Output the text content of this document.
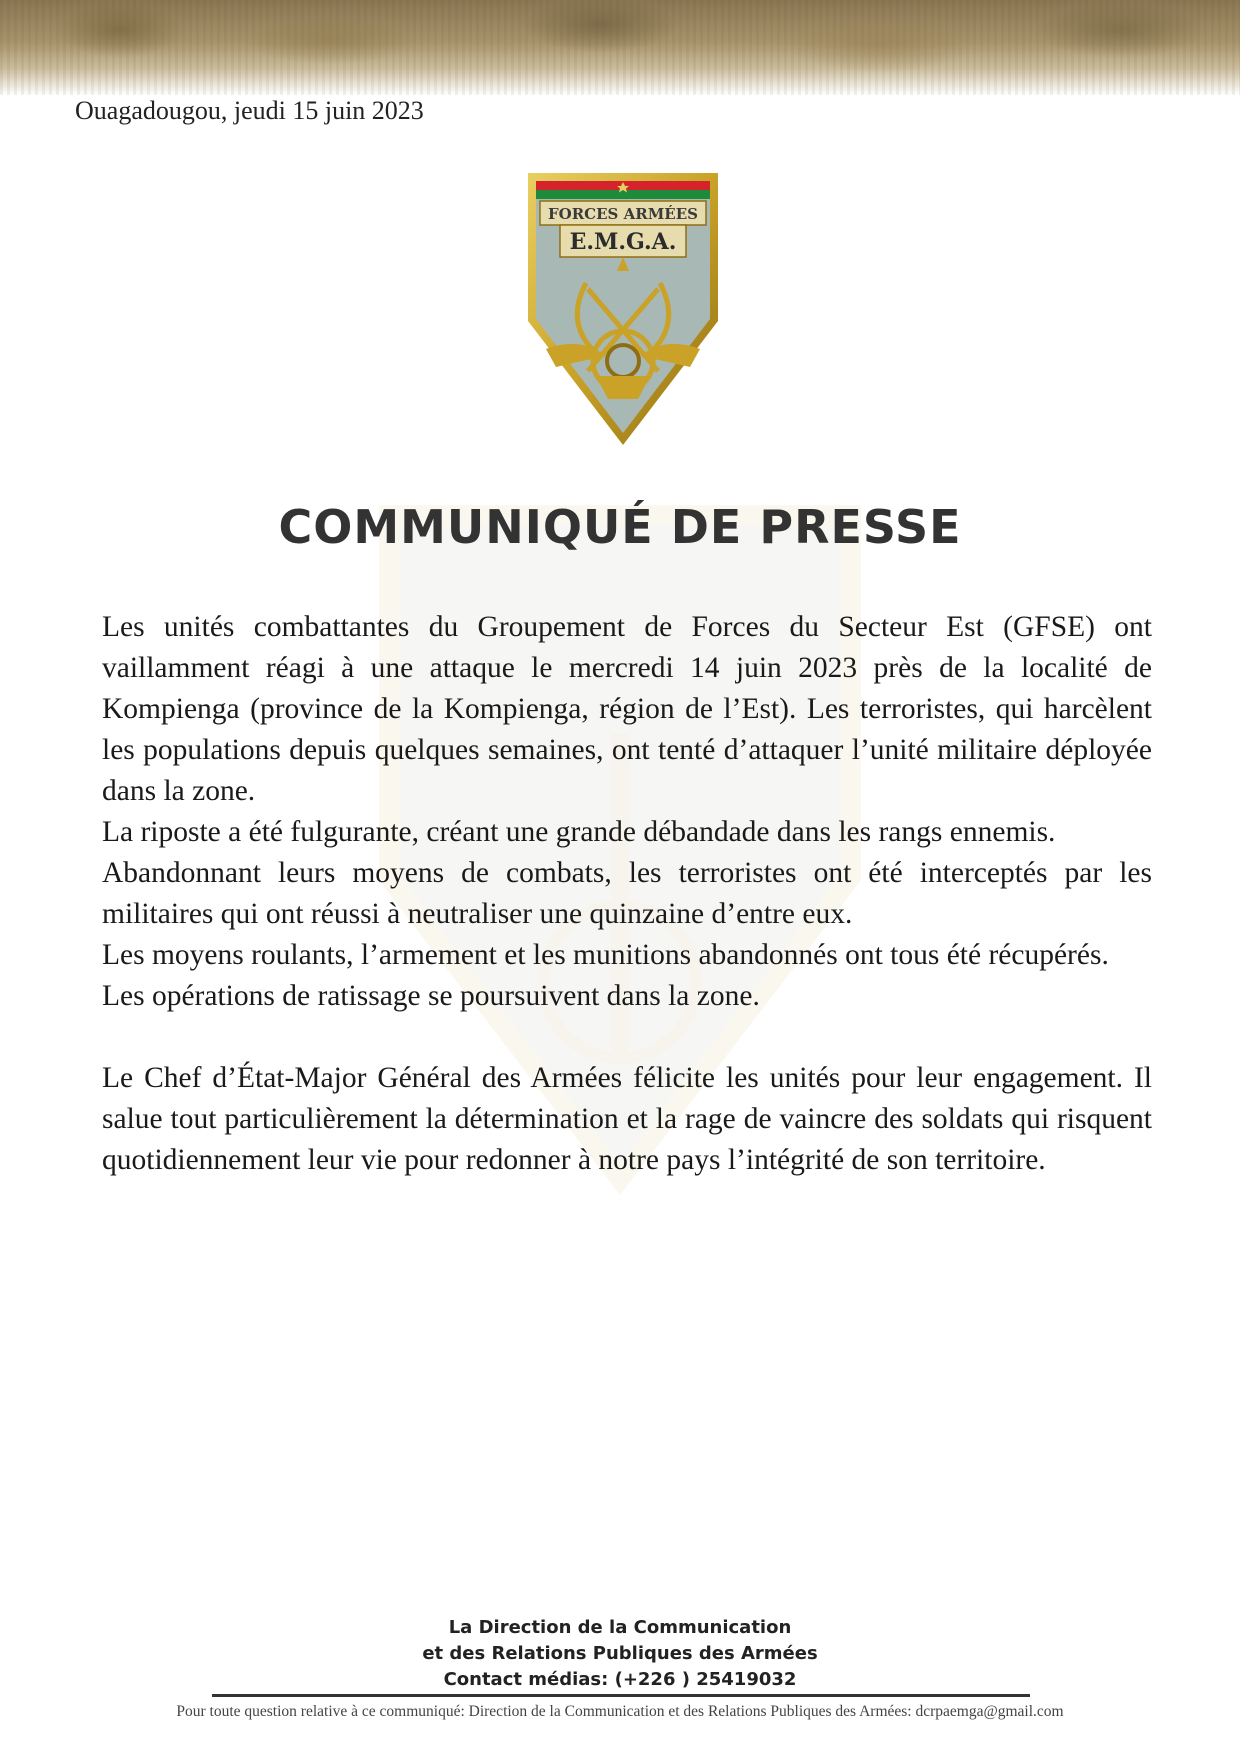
Ouagadougou, jeudi 15 juin 2023
FORCES ARMÉES
E.M.G.A.
COMMUNIQUÉ DE PRESSE

Les unités combattantes du Groupement de Forces du Secteur Est (GFSE) ont vaillamment réagi à une attaque le mercredi 14 juin 2023 près de la localité de Kompienga (province de la Kompienga, région de l’Est). Les terroristes, qui harcèlent les populations depuis quelques semaines, ont tenté d’attaquer l’unité militaire déployée dans la zone.

La riposte a été fulgurante, créant une grande débandade dans les rangs ennemis.

Abandonnant leurs moyens de combats, les terroristes ont été interceptés par les militaires qui ont réussi à neutraliser une quinzaine d’entre eux.

Les moyens roulants, l’armement et les munitions abandonnés ont tous été récupérés.

Les opérations de ratissage se poursuivent dans la zone.

Le Chef d’État-Major Général des Armées félicite les unités pour leur engagement. Il salue tout particulièrement la détermination et la rage de vaincre des soldats qui risquent quotidiennement leur vie pour redonner à notre pays l’intégrité de son territoire.

La Direction de la Communication
et des Relations Publiques des Armées
Contact médias: (+226 ) 25419032
Pour toute question relative à ce communiqué: Direction de la Communication et des Relations Publiques des Armées: dcrpaemga@gmail.com
